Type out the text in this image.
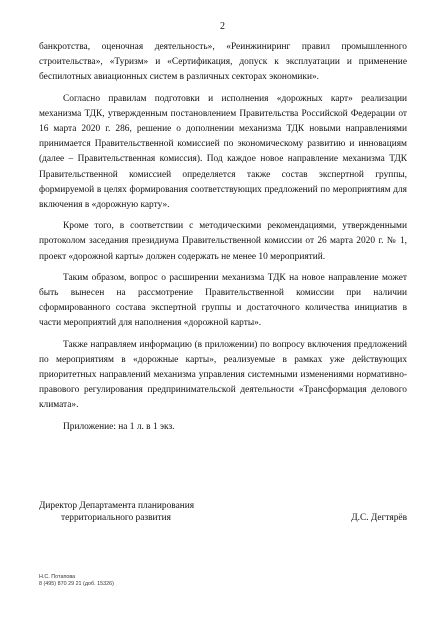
2

банкротства, оценочная деятельность», «Реинжиниринг правил промышленного строительства», «Туризм» и «Сертификация, допуск к эксплуатации и применение беспилотных авиационных систем в различных секторах экономики».

Согласно правилам подготовки и исполнения «дорожных карт» реализации механизма ТДК, утвержденным постановлением Правительства Российской Федерации от 16 марта 2020 г. 286, решение о дополнении механизма ТДК новыми направлениями принимается Правительственной комиссией по экономическому развитию и инновациям (далее – Правительственная комиссия). Под каждое новое направление механизма ТДК Правительственной комиссией определяется также состав экспертной группы, формируемой в целях формирования соответствующих предложений по мероприятиям для включения в «дорожную карту».

Кроме того, в соответствии с методическими рекомендациями, утвержденными протоколом заседания президиума Правительственной комиссии от 26 марта 2020 г. № 1, проект «дорожной карты» должен содержать не менее 10 мероприятий.

Таким образом, вопрос о расширении механизма ТДК на новое направление может быть вынесен на рассмотрение Правительственной комиссии при наличии сформированного состава экспертной группы и достаточного количества инициатив в части мероприятий для наполнения «дорожной карты».

Также направляем информацию (в приложении) по вопросу включения предложений по мероприятиям в «дорожные карты», реализуемые в рамках уже действующих приоритетных направлений механизма управления системными изменениями нормативно-правового регулирования предпринимательской деятельности «Трансформация делового климата».

Приложение: на 1 л. в 1 экз.

Директор Департамента планирования
территориального развития	Д.С. Дегтярёв
Н.С. Потапова
8 (495) 870 29 21 (доб. 15326)
